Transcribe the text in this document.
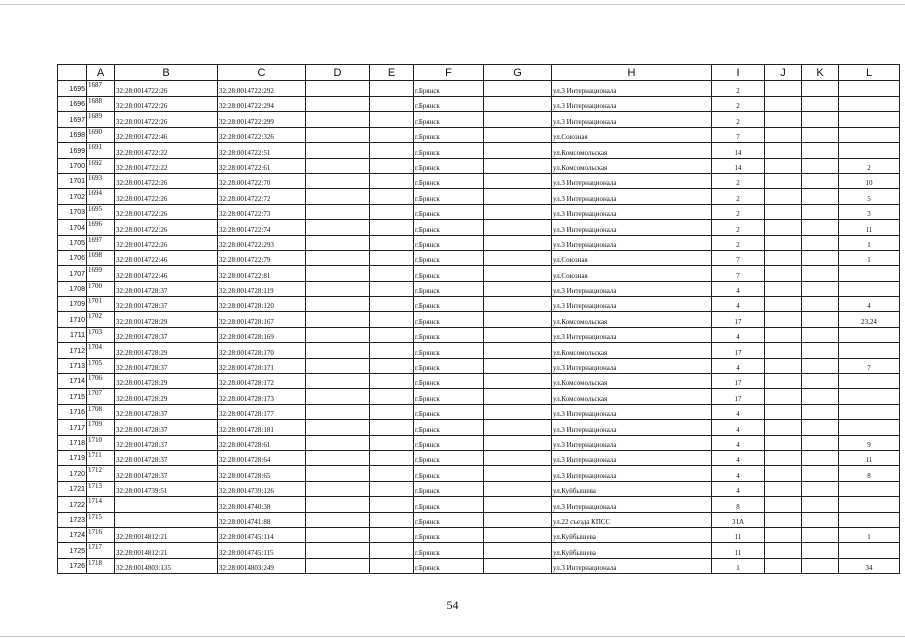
	A	B	C	D	E	F	G	H	I	J	K	L
1695	1687	32:28:0014722:26	32:28:0014722:292			г.Брянск		ул.3 Интернационала	2			
1696	1688	32:28:0014722:26	32:28:0014722:294			г.Брянск		ул.3 Интернационала	2			
1697	1689	32:28:0014722:26	32:28:0014722:299			г.Брянск		ул.3 Интернационала	2			
1698	1690	32:28:0014722:46	32:28:0014722:326			г.Брянск		ул.Союзная	7			
1699	1691	32:28:0014722:22	32:28:0014722:51			г.Брянск		ул.Комсомольская	14			
1700	1692	32:28:0014722:22	32:28:0014722:61			г.Брянск		ул.Комсомольская	14			2
1701	1693	32:28:0014722:26	32:28:0014722:70			г.Брянск		ул.3 Интернационала	2			10
1702	1694	32:28:0014722:26	32:28:0014722:72			г.Брянск		ул.3 Интернационала	2			5
1703	1695	32:28:0014722:26	32:28:0014722:73			г.Брянск		ул.3 Интернационала	2			3
1704	1696	32:28:0014722:26	32:28:0014722:74			г.Брянск		ул.3 Интернационала	2			11
1705	1697	32:28:0014722:26	32:28:0014722:293			г.Брянск		ул.3 Интернационала	2			1
1706	1698	32:28:0014722:46	32:28:0014722:79			г.Брянск		ул.Союзная	7			1
1707	1699	32:28:0014722:46	32:28:0014722:81			г.Брянск		ул.Союзная	7			
1708	1700	32:28:0014728:37	32:28:0014728:119			г.Брянск		ул.3 Интернационала	4			
1709	1701	32:28:0014728:37	32:28:0014728:120			г.Брянск		ул.3 Интернационала	4			4
1710	1702	32:28:0014728:29	32:28:0014728:167			г.Брянск		ул.Комсомольская	17			23,24
1711	1703	32:28:0014728:37	32:28:0014728:169			г.Брянск		ул.3 Интернационала	4			
1712	1704	32:28:0014728:29	32:28:0014728:170			г.Брянск		ул.Комсомольская	17			
1713	1705	32:28:0014728:37	32:28:0014728:171			г.Брянск		ул.3 Интернационала	4			7
1714	1706	32:28:0014728:29	32:28:0014728:172			г.Брянск		ул.Комсомольская	17			
1715	1707	32:28:0014728:29	32:28:0014728:173			г.Брянск		ул.Комсомольская	17			
1716	1708	32:28:0014728:37	32:28:0014728:177			г.Брянск		ул.3 Интернационала	4			
1717	1709	32:28:0014728:37	32:28:0014728:181			г.Брянск		ул.3 Интернационала	4			
1718	1710	32:28:0014728:37	32:28:0014728:61			г.Брянск		ул.3 Интернационала	4			9
1719	1711	32:28:0014728:37	32:28:0014728:64			г.Брянск		ул.3 Интернационала	4			11
1720	1712	32:28:0014728:37	32:28:0014728:65			г.Брянск		ул.3 Интернационала	4			8
1721	1713	32:28:0014739:51	32:28:0014739:126			г.Брянск		ул.Куйбышева	4			
1722	1714		32:28:0014740:38			г.Брянск		ул.3 Интернационала	8			
1723	1715		32:28:0014741:88			г.Брянск		ул.22 съезда КПСС	31А			
1724	1716	32:28:0014812:21	32:28:0014745:114			г.Брянск		ул.Куйбышева	11			1
1725	1717	32:28:0014812:21	32:28:0014745:115			г.Брянск		ул.Куйбышева	11			
1726	1718	32:28:0014803:135	32:28:0014803:249			г.Брянск		ул.3 Интернационала	1			34
54
